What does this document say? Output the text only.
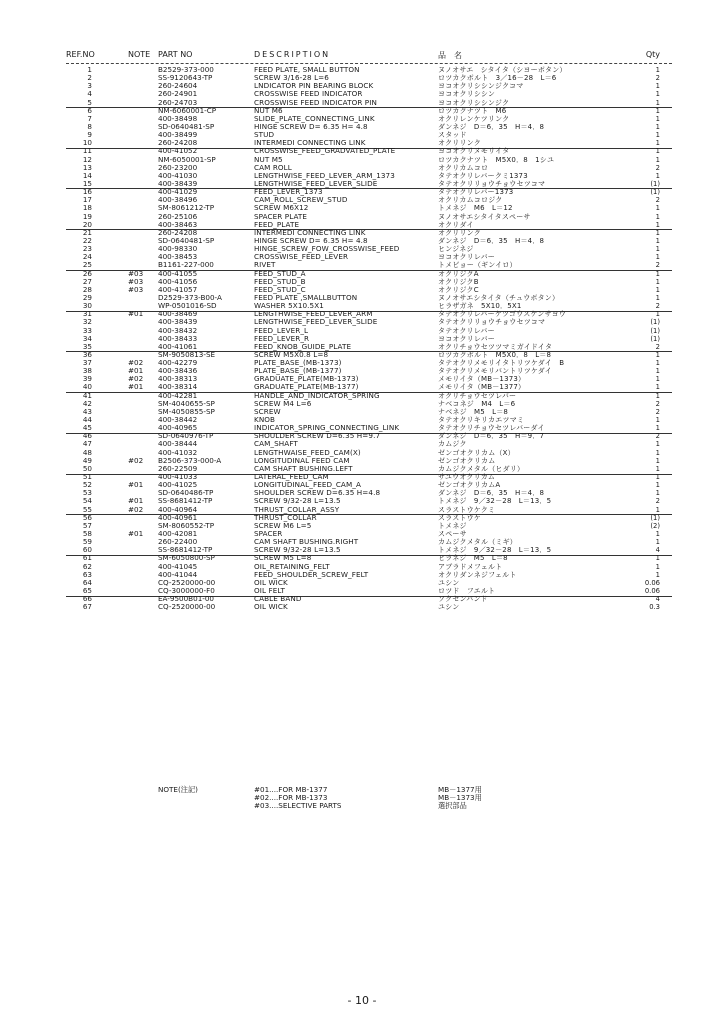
REF.NO	NOTE PART NO	DESCRIPTION	品　名	Qty
1	B2529-373-000	FEED PLATE, SMALL BUTTON	ヌノオサエ　シタイタ（シヨーボタン）	1
2	SS-9120643-TP	SCREW 3/16-28 L=6	ロツカクボルト　3／16－28　L＝6	2
3	260-24604	LNDICATOR PIN BEARING BLOCK	ヨコオクリシシンジクコマ	1
4	260-24901	CROSSWISE FEED INDICATOR	ヨコオクリシシン	1
5	260-24703	CROSSWISE FEED INDICATOR PIN	ヨコオクリシシンジク	1
6	NM-6060001-CP	NUT M6	ロツカクナツト　M6	1
7	400-38498	SLIDE_PLATE_CONNECTING_LINK	オクリレンケツリンク	1
8	SD-0640481-SP	HINGE SCREW D= 6.35 H= 4.8	ダンネジ　D＝6．35　H＝4．8	1
9	400-38499	STUD	スタッド	1
10	260-24208	INTERMEDI CONNECTING LINK	オクリリンク	1
11	400-41052	CROSSWISE_FEED_GRADVATED_PLATE	ヨコオクリメモリイタ	1
12	NM-6050001-SP	NUT M5	ロツカクナツト　M5X0．8　1シユ	1
13	260-23200	CAM ROLL	オクリカムコロ	2
14	400-41030	LENGTHWISE_FEED_LEVER_ARM_1373	タテオクリレバークミ1373	1
15	400-38439	LENGTHWISE_FEED_LEVER_SLIDE	タテオクリリョウチョウセツコマ	(1)
16	400-41029	FEED_LEVER_1373	タテオクリレバー1373	(1)
17	400-38496	CAM_ROLL_SCREW_STUD	オクリカムコロジク	2
18	SM-8061212-TP	SCREW M6X12	トメネジ　M6　L＝12	1
19	260-25106	SPACER PLATE	ヌノオサエシタイタスペーサ	1
20	400-38463	FEED_PLATE	オクリダイ	1
21	260-24208	INTERMEDI CONNECTING LINK	オクリリンク	1
22	SD-0640481-SP	HINGE SCREW D= 6.35 H= 4.8	ダンネジ　D＝6．35　H＝4．8	1
23	400-98330	HINGE_SCREW_FOW_CROSSWISE_FEED	ヒンジネジ	1
24	400-38453	CROSSWISE_FEED_LEVER	ヨコオクリレバー	1
25	B1161-227-000	RIVET	トメビョー（ギンイロ）	2
26	#03 400-41055	FEED_STUD_A	オクリジクA	1
27	#03 400-41056	FEED_STUD_B	オクリジクB	1
28	#03 400-41057	FEED_STUD_C	オクリジクC	1
29	D2529-373-B00-A	FEED PLATE ,SMALLBUTTON	ヌノオサエシタイタ（チュウボタン）	1
30	WP-0501016-SD	WASHER 5X10.5X1	ヒラザガネ　5X10．5X1	2
31	#01 400-38469	LENGTHWISE_FEED_LEVER_ARM	タテオクリレバーケツゴウスケンサヨウ	1
32	400-38439	LENGTHWISE_FEED_LEVER_SLIDE	タテオクリリョウチョウセツコマ	(1)
33	400-38432	FEED_LEVER_L	タテオクリレバー	(1)
34	400-38433	FEED_LEVER_R	ヨコオクリレバー	(1)
35	400-41061	FEED_KNOB_GUIDE_PLATE	オクリチョウセツツマミガイドイタ	2
36	SM-9050813-SE	SCREW M5X0.8 L=8	ロツカクボルト　M5X0．8　L＝8	1
37	#02 400-42279	PLATE_BASE_(MB-1373)	タテオクリメモリイタトリツケダイ　B	1
38	#01 400-38436	PLATE_BASE_(MB-1377)	タテオクリメモリバントリツケダイ	1
39	#02 400-38313	GRADUATE_PLATE(MB-1373)	メモリイタ（MB－1373）	1
40	#01 400-38314	GRADUATE_PLATE(MB-1377)	メモリイタ（MB－1377）	1
41	400-42281	HANDLE_AND_INDICATOR_SPRING	オクリチョウセツレバー	1
42	SM-4040655-SP	SCREW M4 L=6	ナベコネジ　M4　L＝6	2
43	SM-4050855-SP	SCREW	ナベネジ　M5　L＝8	2
44	400-38442	KNOB	タテオクリキリカエツマミ	1
45	400-40965	INDICATOR_SPRING_CONNECTING_LINK	タテオクリチョウセツレバーダイ	1
46	SD-0640976-TP	SHOULDER SCREW D=6.35 H=9.7	ダンネジ　D＝6．35　H＝9．7	2
47	400-38444	CAM_SHAFT	カムジク	1
48	400-41032	LENGTHWAISE_FEED_CAM(X)	ゼンゴオクリカム（X）	1
49	#02 B2506-373-000-A	LONGITUDINAL FEED CAM	ゼンゴオクリカム	1
50	260-22509	CAM SHAFT BUSHING.LEFT	カムジクメタル（ヒダリ）	1
51	400-41033	LATERAL_FEED_CAM	サユウオクリカム	1
52	#01 400-41025	LONGITUDINAL_FEED_CAM_A	ゼンゴオクリカムA	1
53	SD-0640486-TP	SHOULDER SCREW D=6.35 H=4.8	ダンネジ　D＝6．35　H＝4．8	1
54	#01 SS-8681412-TP	SCREW 9/32-28 L=13.5	トメネジ　9／32－28　L＝13．5	2
55	#02 400-40964	THRUST_COLLAR_ASSY	スラストウケクミ	1
56	400-40961	THRUST_COLLAR	スラストウケ	(1)
57	SM-8060552-TP	SCREW M6 L=5	トメネジ	(2)
58	#01 400-42081	SPACER	スペーサ	1
59	260-22400	CAM SHAFT BUSHING.RIGHT	カムジクメタル（ミギ）	1
60	SS-8681412-TP	SCREW 9/32-28 L=13.5	トメネジ　9／32－28　L＝13．5	4
61	SM-6050800-SP	SCREW M5 L=8	ヒラネジ　M5　L＝8	1
62	400-41045	OIL_RETAINING_FELT	アブラドメフェルト	1
63	400-41044	FEED_SHOULDER_SCREW_FELT	オクリダンネジフェルト	1
64	CQ-2520000-00	OIL WICK	ユシン	0.06
65	CQ-3000000-F0	OIL FELT	ロツド　フエルト	0.06
66	EA-9500B01-00	CABLE BAND	ソクセンバンド	4
67	CQ-2520000-00	OIL WICK	ユシン	0.3
NOTE(注記)	#01....FOR MB-1377	MB－1377用
#02....FOR MB-1373	MB－1373用
#03....SELECTIVE PARTS	選択部品
- 10 -
